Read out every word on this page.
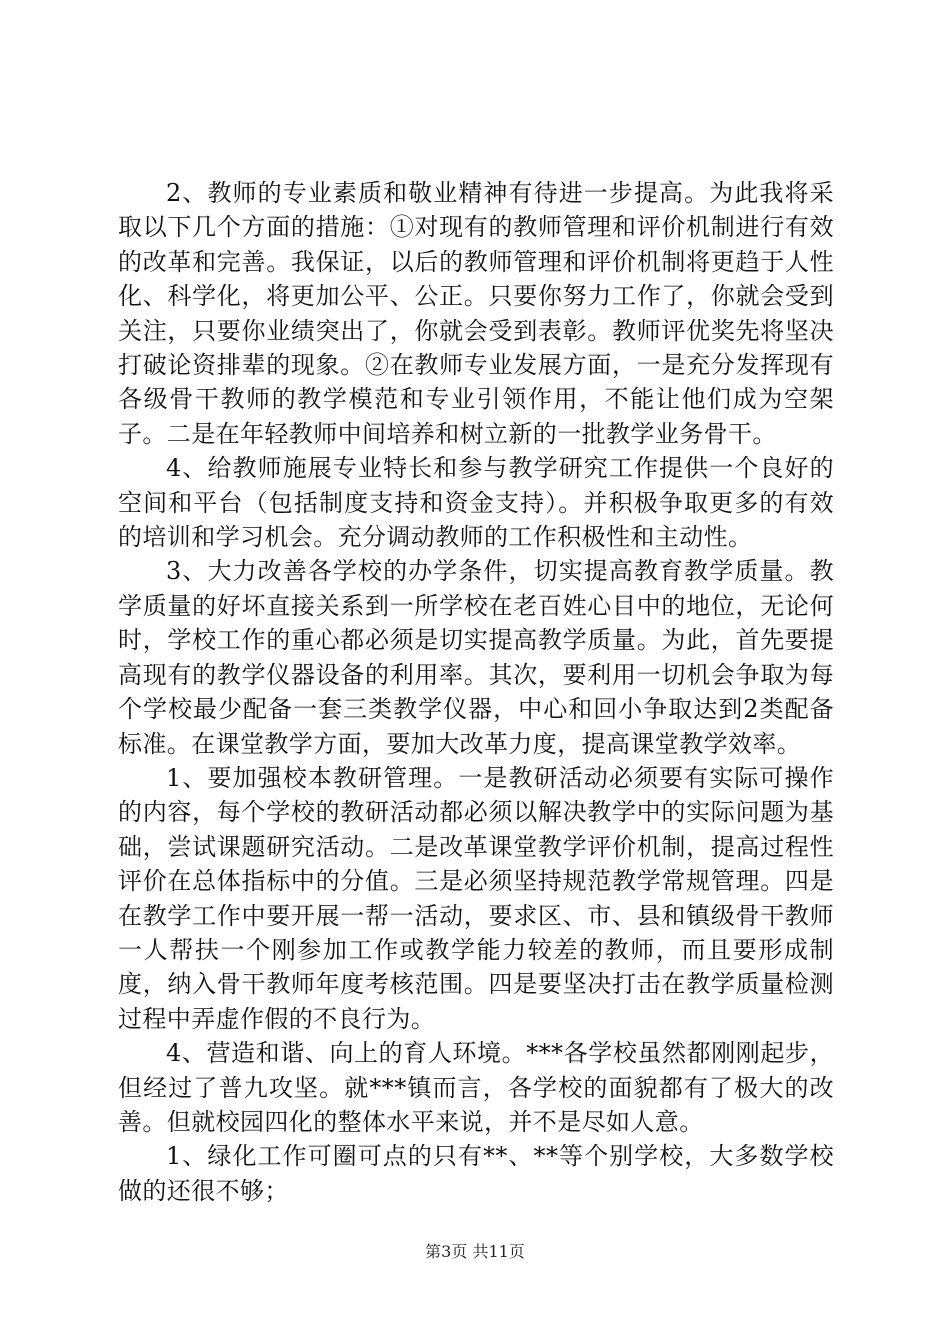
2、教师的专业素质和敬业精神有待进一步提高。为此我将采取以下几个方面的措施：①对现有的教师管理和评价机制进行有效的改革和完善。我保证，以后的教师管理和评价机制将更趋于人性化、科学化，将更加公平、公正。只要你努力工作了，你就会受到关注，只要你业绩突出了，你就会受到表彰。教师评优奖先将坚决打破论资排辈的现象。②在教师专业发展方面，一是充分发挥现有各级骨干教师的教学模范和专业引领作用，不能让他们成为空架子。二是在年轻教师中间培养和树立新的一批教学业务骨干。

4、给教师施展专业特长和参与教学研究工作提供一个良好的空间和平台（包括制度支持和资金支持）。并积极争取更多的有效的培训和学习机会。充分调动教师的工作积极性和主动性。

3、大力改善各学校的办学条件，切实提高教育教学质量。教学质量的好坏直接关系到一所学校在老百姓心目中的地位，无论何时，学校工作的重心都必须是切实提高教学质量。为此，首先要提高现有的教学仪器设备的利用率。其次，要利用一切机会争取为每个学校最少配备一套三类教学仪器，中心和回小争取达到2类配备标准。在课堂教学方面，要加大改革力度，提高课堂教学效率。

1、要加强校本教研管理。一是教研活动必须要有实际可操作的内容，每个学校的教研活动都必须以解决教学中的实际问题为基础，尝试课题研究活动。二是改革课堂教学评价机制，提高过程性评价在总体指标中的分值。三是必须坚持规范教学常规管理。四是在教学工作中要开展一帮一活动，要求区、市、县和镇级骨干教师一人帮扶一个刚参加工作或教学能力较差的教师，而且要形成制度，纳入骨干教师年度考核范围。四是要坚决打击在教学质量检测过程中弄虚作假的不良行为。

4、营造和谐、向上的育人环境。***各学校虽然都刚刚起步，但经过了普九攻坚。就***镇而言，各学校的面貌都有了极大的改善。但就校园四化的整体水平来说，并不是尽如人意。

1、绿化工作可圈可点的只有**、**等个别学校，大多数学校做的还很不够；

第3页 共11页
